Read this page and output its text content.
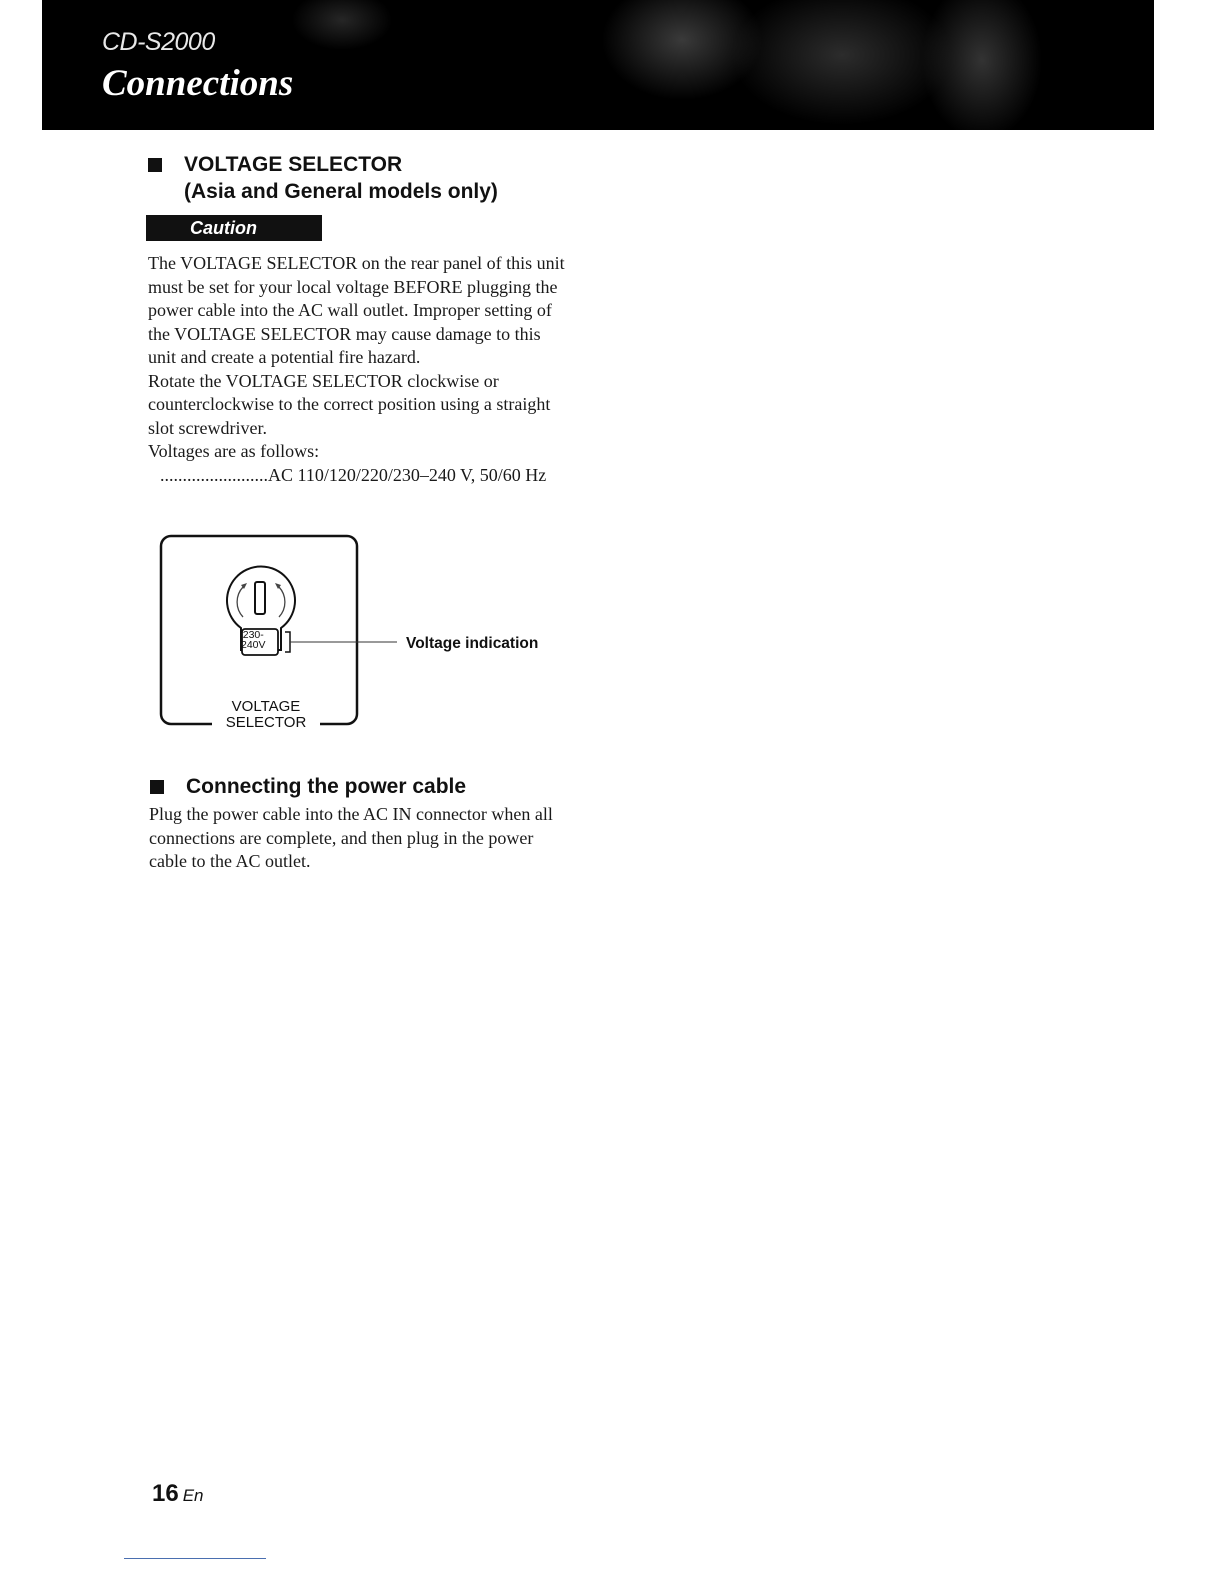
CD-S2000
Connections
VOLTAGE SELECTOR
(Asia and General models only)
Caution

The VOLTAGE SELECTOR on the rear panel of this unit

must be set for your local voltage BEFORE plugging the

power cable into the AC wall outlet. Improper setting of

the VOLTAGE SELECTOR may cause damage to this

unit and create a potential fire hazard.

Rotate the VOLTAGE SELECTOR clockwise or

counterclockwise to the correct position using a straight

slot screwdriver.

Voltages are as follows:

........................AC 110/120/220/230–240 V, 50/60 Hz

230-
240V
VOLTAGE
SELECTOR
Voltage indication
Connecting the power cable

Plug the power cable into the AC IN connector when all

connections are complete, and then plug in the power

cable to the AC outlet.

16 En
